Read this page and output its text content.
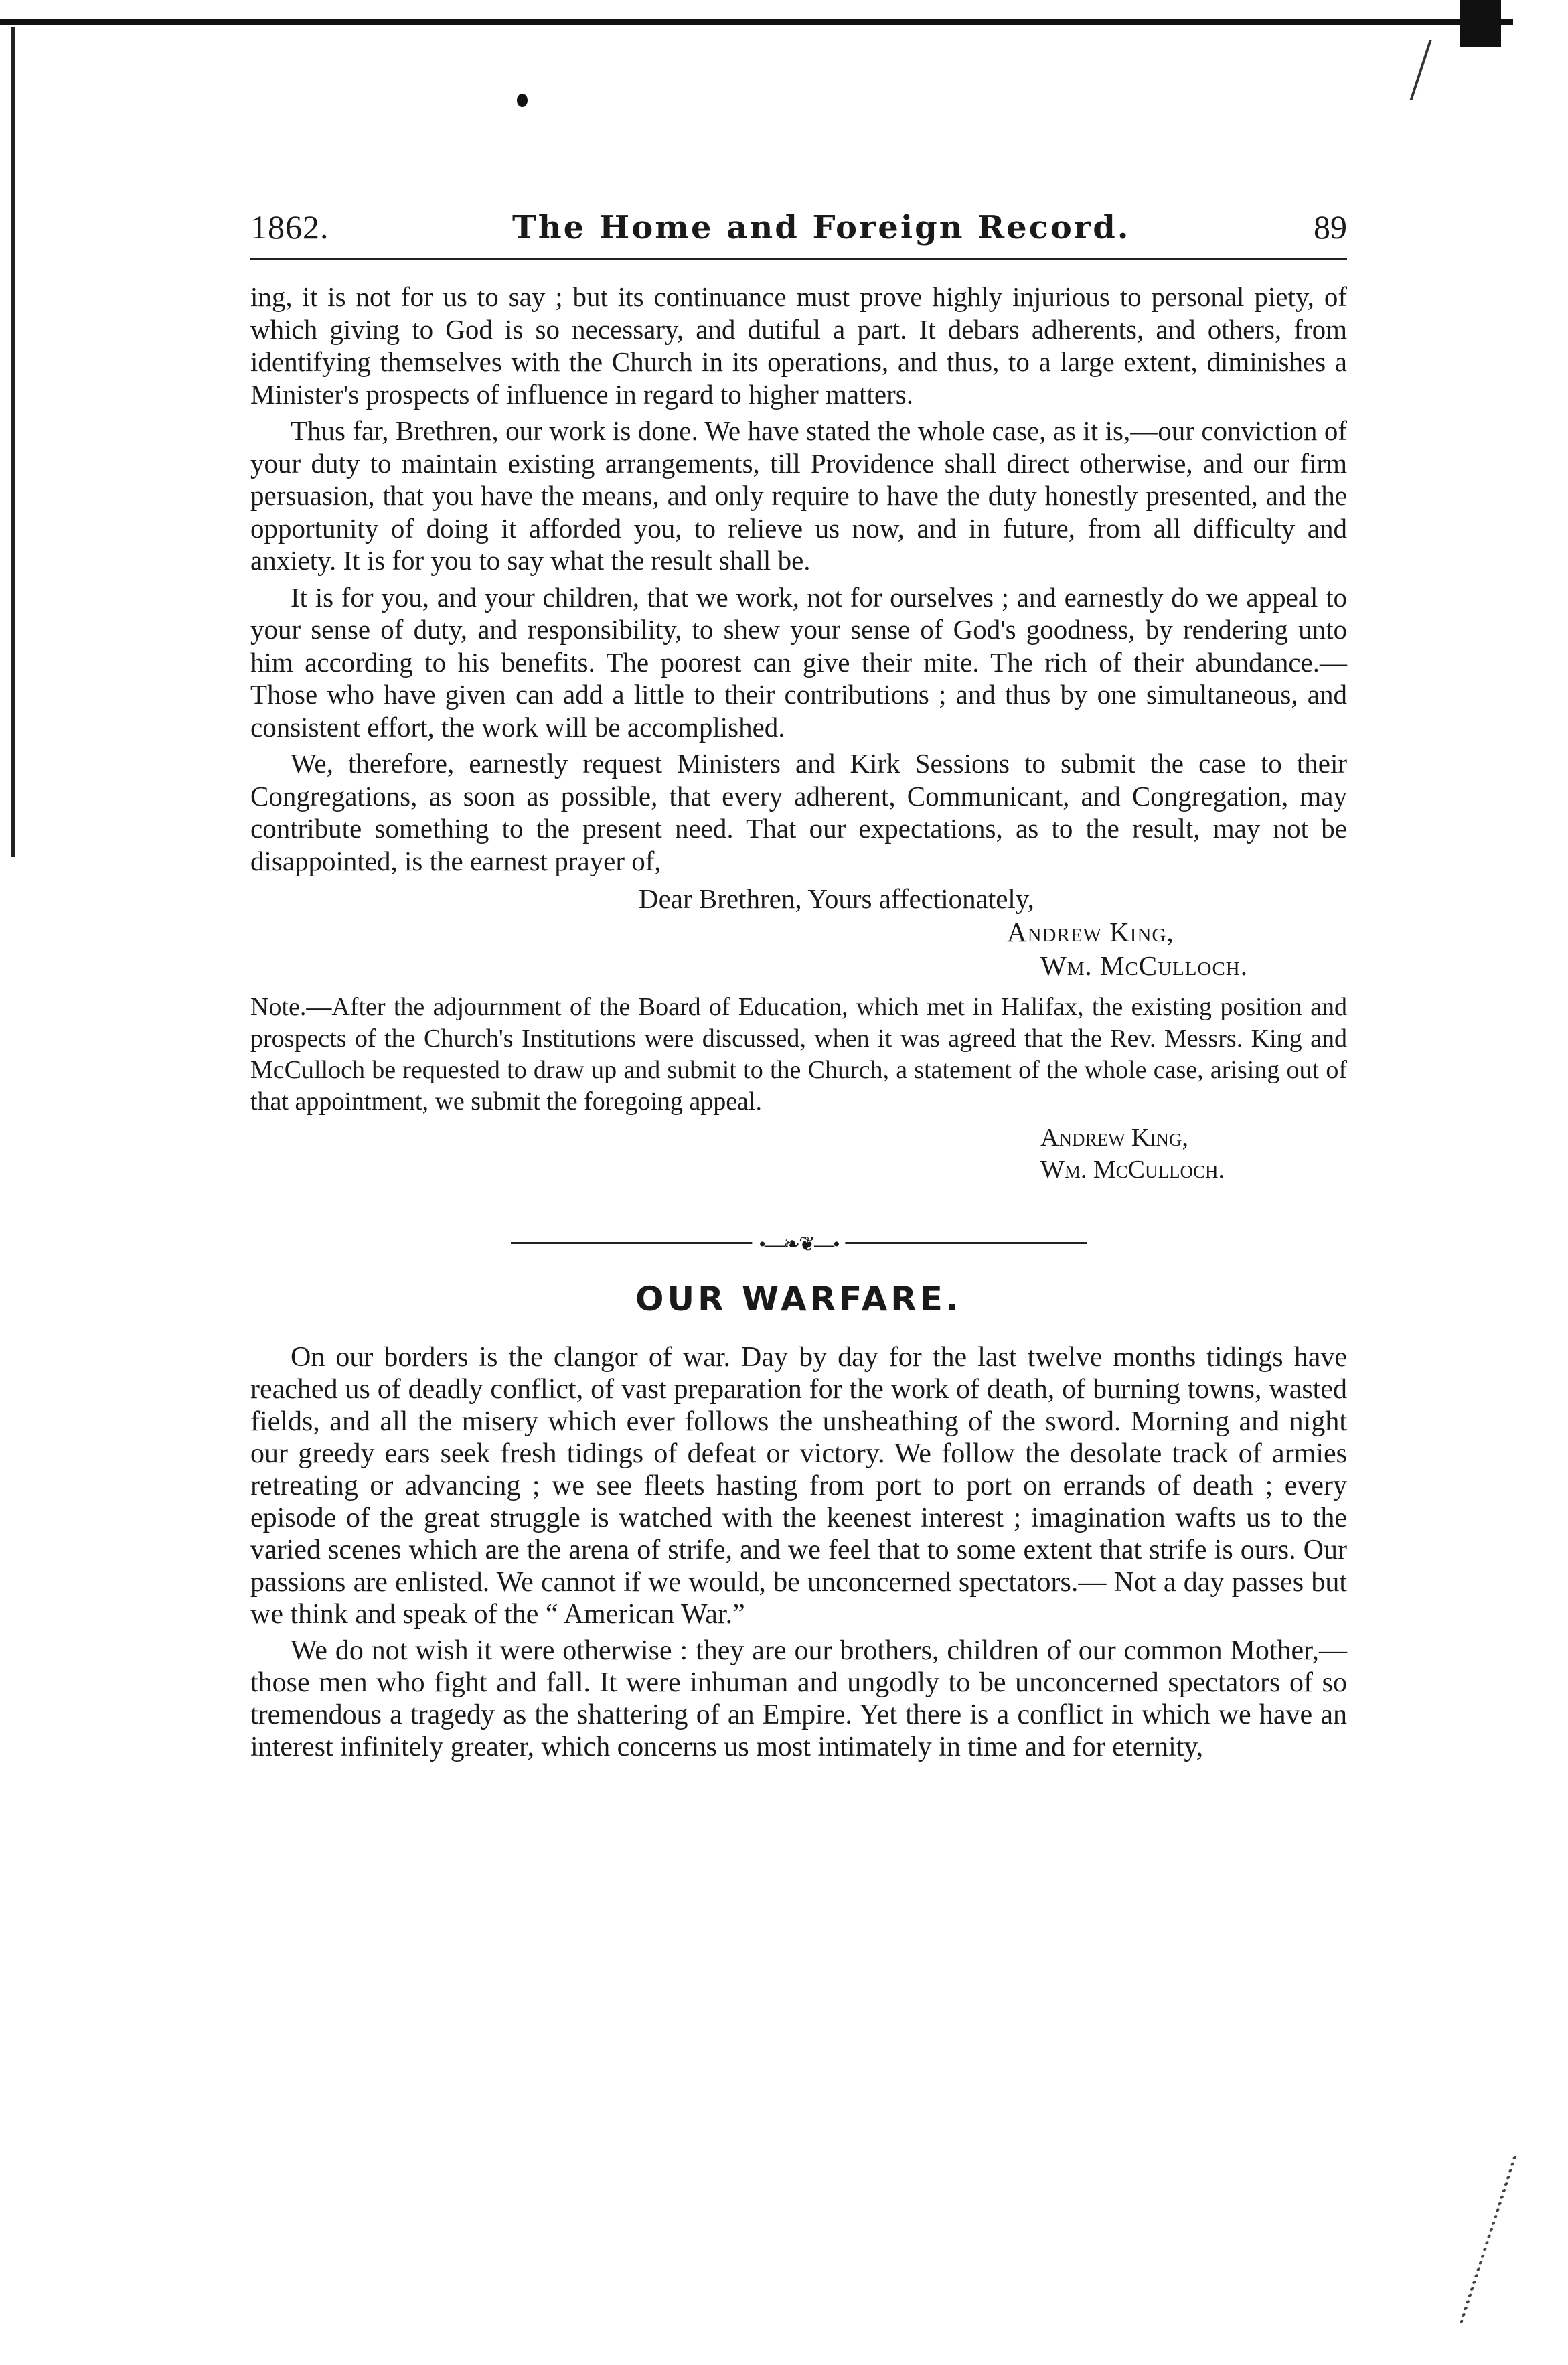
1862.	The Home and Foreign Record.	89

ing, it is not for us to say ; but its continuance must prove highly injurious to personal piety, of which giving to God is so necessary, and dutiful a part. It debars adherents, and others, from identifying themselves with the Church in its operations, and thus, to a large extent, diminishes a Minister's prospects of influence in regard to higher matters.

Thus far, Brethren, our work is done. We have stated the whole case, as it is,—our conviction of your duty to maintain existing arrangements, till Providence shall direct otherwise, and our firm persuasion, that you have the means, and only require to have the duty honestly presented, and the opportunity of doing it afforded you, to relieve us now, and in future, from all difficulty and anxiety. It is for you to say what the result shall be.

It is for you, and your children, that we work, not for ourselves ; and earnestly do we appeal to your sense of duty, and responsibility, to shew your sense of God's goodness, by rendering unto him according to his benefits. The poorest can give their mite. The rich of their abundance.— Those who have given can add a little to their contributions ; and thus by one simultaneous, and consistent effort, the work will be accomplished.

We, therefore, earnestly request Ministers and Kirk Sessions to submit the case to their Congregations, as soon as possible, that every adherent, Communicant, and Congregation, may contribute something to the present need. That our expectations, as to the result, may not be disappointed, is the earnest prayer of,

Dear Brethren, Yours affectionately,
Andrew King,
Wm. McCulloch.
Note.—After the adjournment of the Board of Education, which met in Halifax, the existing position and prospects of the Church's Institutions were discussed, when it was agreed that the Rev. Messrs. King and McCulloch be requested to draw up and submit to the Church, a statement of the whole case, arising out of that appointment, we submit the foregoing appeal.
Andrew King,
Wm. McCulloch.
•—❧❦—•
OUR WARFARE.

On our borders is the clangor of war. Day by day for the last twelve months tidings have reached us of deadly conflict, of vast preparation for the work of death, of burning towns, wasted fields, and all the misery which ever follows the unsheathing of the sword. Morning and night our greedy ears seek fresh tidings of defeat or victory. We follow the desolate track of armies retreating or advancing ; we see fleets hasting from port to port on errands of death ; every episode of the great struggle is watched with the keenest interest ; imagination wafts us to the varied scenes which are the arena of strife, and we feel that to some extent that strife is ours. Our passions are enlisted. We cannot if we would, be unconcerned spectators.— Not a day passes but we think and speak of the “ American War.”

We do not wish it were otherwise : they are our brothers, children of our common Mother,—those men who fight and fall. It were inhuman and ungodly to be unconcerned spectators of so tremendous a tragedy as the shattering of an Empire. Yet there is a conflict in which we have an interest infinitely greater, which concerns us most intimately in time and for eternity,
